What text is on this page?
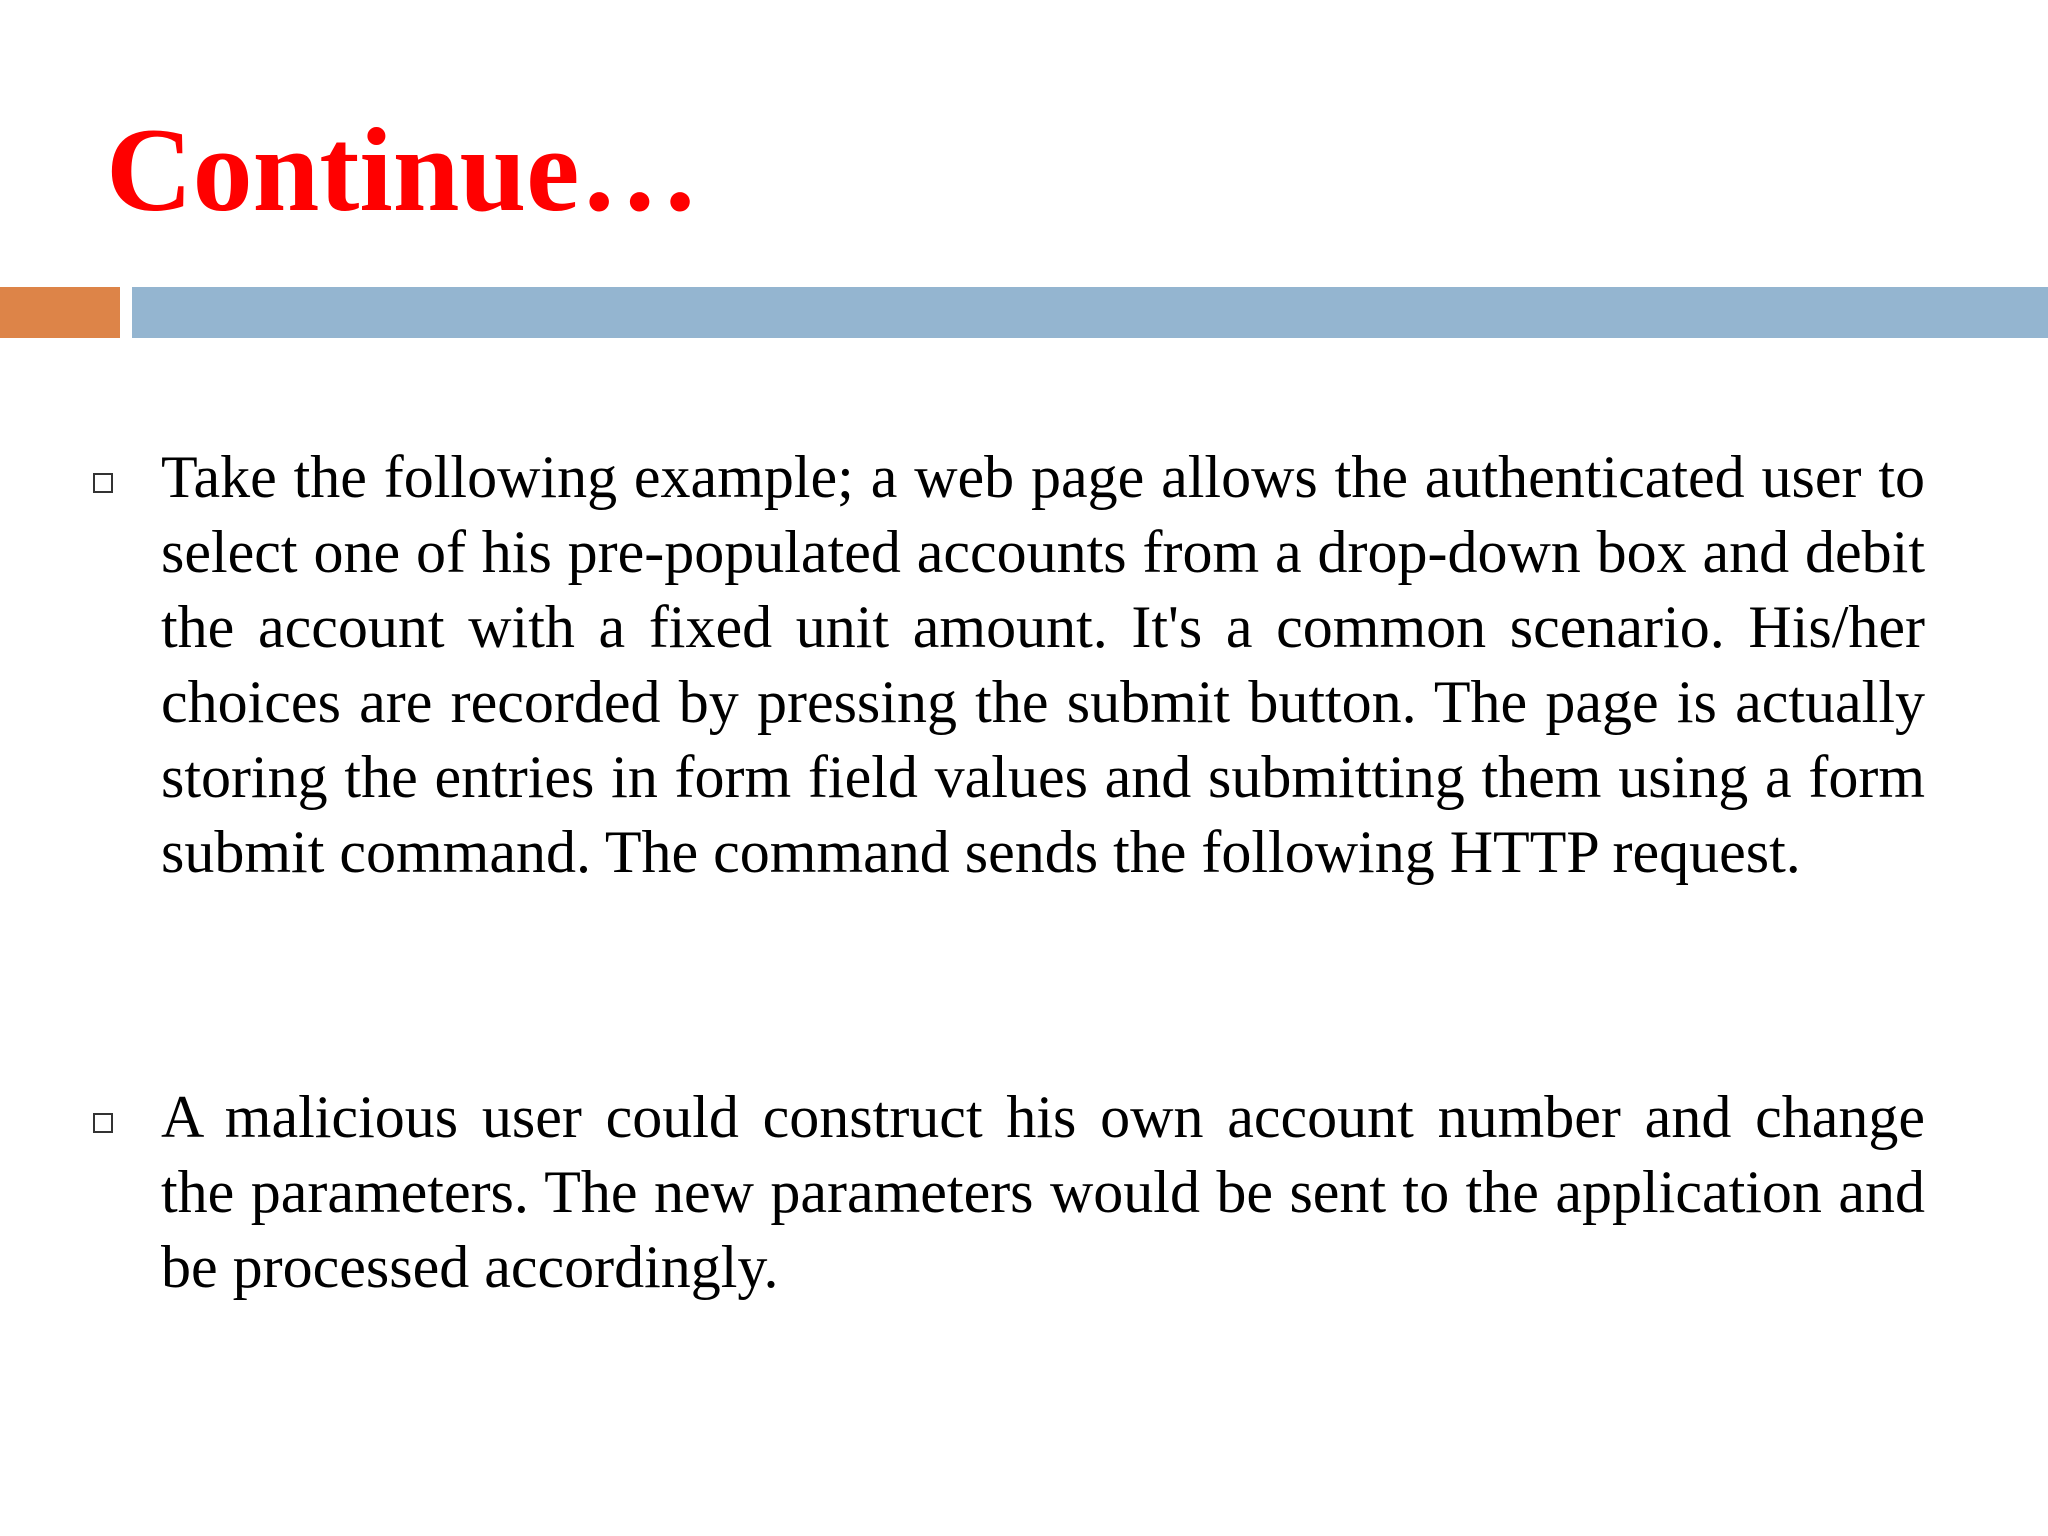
Continue…

Take the following example; a web page allows the authenticated user to select one of his pre-populated accounts from a drop-down box and debit the account with a fixed unit amount. It's a common scenario. His/her choices are recorded by pressing the submit button. The page is actually storing the entries in form field values and submitting them using a form submit command. The command sends the following HTTP request.

A malicious user could construct his own account number and change the parameters. The new parameters would be sent to the application and be processed accordingly.
